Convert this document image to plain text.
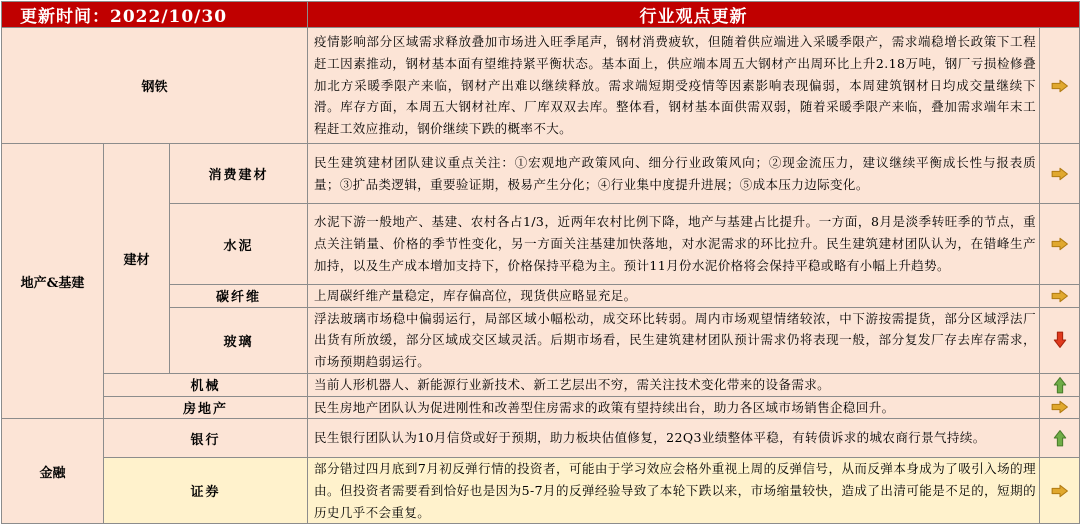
更新时间：2022/10/30			行业观点更新	
钢铁			疫情影响部分区域需求释放叠加市场进入旺季尾声，钢材消费疲软，但随着供应端进入采暖季限产，需求端稳增长政策下工程赶工因素推动，钢材基本面有望维持紧平衡状态。基本面上，供应端本周五大钢材产出周环比上升2.18万吨，钢厂亏损检修叠加北方采暖季限产来临，钢材产出难以继续释放。需求端短期受疫情等因素影响表现偏弱，本周建筑钢材日均成交量继续下滑。库存方面，本周五大钢材社库、厂库双双去库。整体看，钢材基本面供需双弱，随着采暖季限产来临，叠加需求端年末工程赶工效应推动，钢价继续下跌的概率不大。	

地产&基建	建材	消费建材	民生建筑建材团队建议重点关注：①宏观地产政策风向、细分行业政策风向；②现金流压力，建议继续平衡成长性与报表质量；③扩品类逻辑，重要验证期，极易产生分化；④行业集中度提升进展；⑤成本压力边际变化。	

		水泥	水泥下游一般地产、基建、农村各占1/3，近两年农村比例下降，地产与基建占比提升。一方面，8月是淡季转旺季的节点，重点关注销量、价格的季节性变化，另一方面关注基建加快落地，对水泥需求的环比拉升。民生建筑建材团队认为，在错峰生产加持，以及生产成本增加支持下，价格保持平稳为主。预计11月份水泥价格将会保持平稳或略有小幅上升趋势。	

		碳纤维	上周碳纤维产量稳定，库存偏高位，现货供应略显充足。	

		玻璃	浮法玻璃市场稳中偏弱运行，局部区域小幅松动，成交环比转弱。周内市场观望情绪较浓，中下游按需提货，部分区域浮法厂出货有所放缓，部分区域成交区域灵活。后期市场看，民生建筑建材团队预计需求仍将表现一般，部分复发厂存去库存需求，市场预期趋弱运行。	

	机械		当前人形机器人、新能源行业新技术、新工艺层出不穷，需关注技术变化带来的设备需求。	

	房地产		民生房地产团队认为促进刚性和改善型住房需求的政策有望持续出台，助力各区域市场销售企稳回升。	

金融	银行		民生银行团队认为10月信贷或好于预期，助力板块估值修复，22Q3业绩整体平稳，有转债诉求的城农商行景气持续。	

	证券		部分错过四月底到7月初反弹行情的投资者，可能由于学习效应会格外重视上周的反弹信号，从而反弹本身成为了吸引入场的理由。但投资者需要看到恰好也是因为5-7月的反弹经验导致了本轮下跌以来，市场缩量较快，造成了出清可能是不足的，短期的历史几乎不会重复。	
